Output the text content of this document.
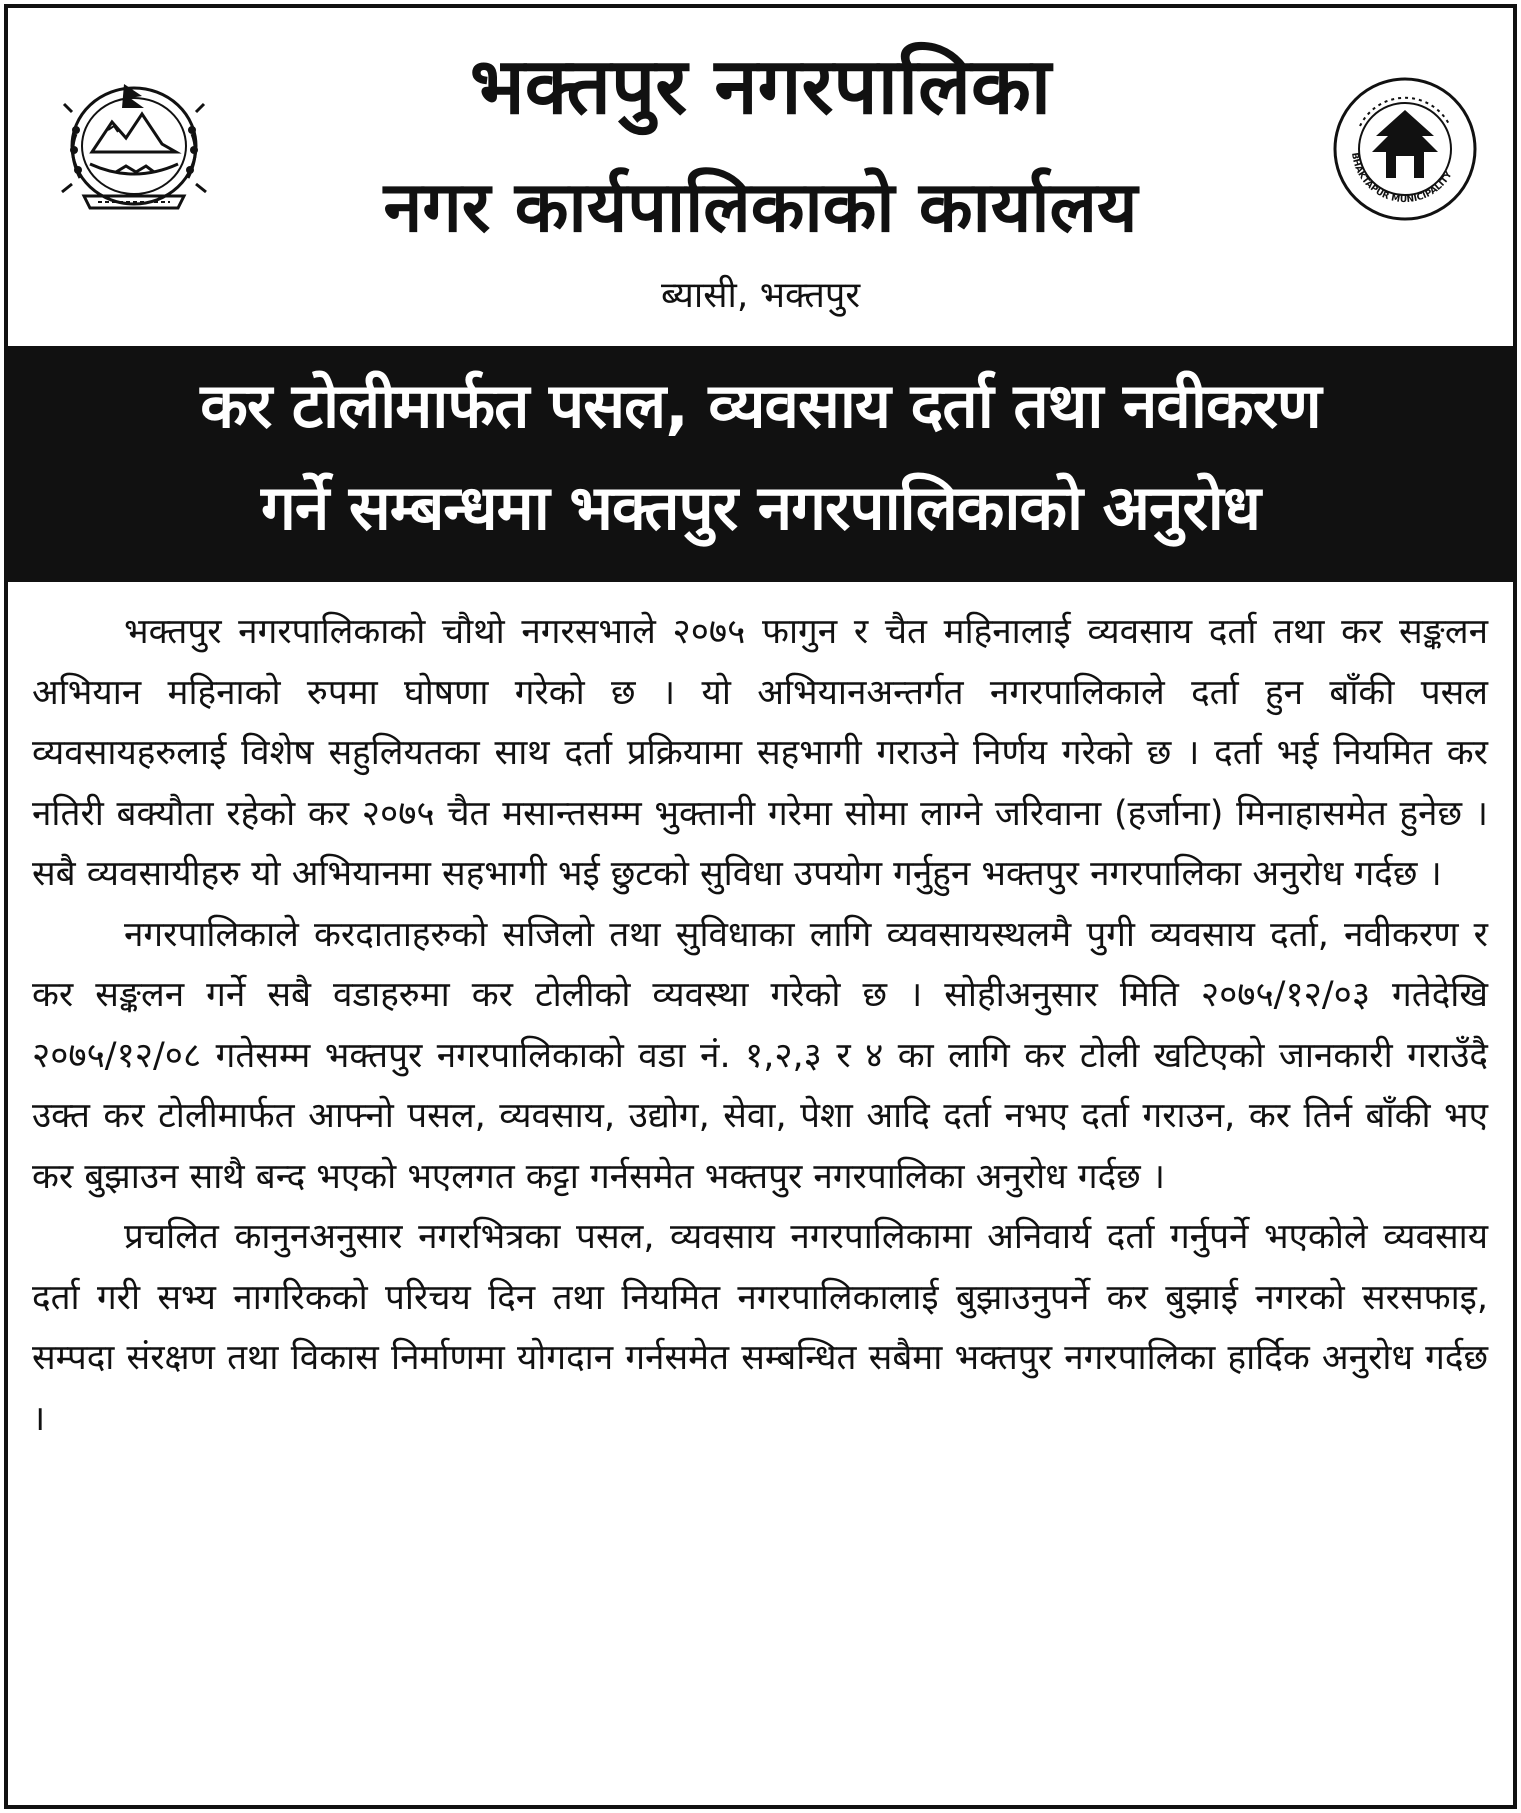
भक्तपुर नगरपालिका
नगर कार्यपालिकाको कार्यालय
ब्यासी, भक्तपुर
BHAKTAPUR MUNICIPALITY
कर टोलीमार्फत पसल, व्यवसाय दर्ता तथा नवीकरण
गर्ने सम्बन्धमा भक्तपुर नगरपालिकाको अनुरोध

भक्तपुर नगरपालिकाको चौथो नगरसभाले २०७५ फागुन र चैत महिनालाई व्यवसाय दर्ता तथा कर सङ्कलन अभियान महिनाको रुपमा घोषणा गरेको छ । यो अभियानअन्तर्गत नगरपालिकाले दर्ता हुन बाँकी पसल व्यवसायहरुलाई विशेष सहुलियतका साथ दर्ता प्रक्रियामा सहभागी गराउने निर्णय गरेको छ । दर्ता भई नियमित कर नतिरी बक्यौता रहेको कर २०७५ चैत मसान्तसम्म भुक्तानी गरेमा सोमा लाग्ने जरिवाना (हर्जाना) मिनाहासमेत हुनेछ । सबै व्यवसायीहरु यो अभियानमा सहभागी भई छुटको सुविधा उपयोग गर्नुहुन भक्तपुर नगरपालिका अनुरोध गर्दछ ।

नगरपालिकाले करदाताहरुको सजिलो तथा सुविधाका लागि व्यवसायस्थलमै पुगी व्यवसाय दर्ता, नवीकरण र कर सङ्कलन गर्ने सबै वडाहरुमा कर टोलीको व्यवस्था गरेको छ । सोहीअनुसार मिति २०७५/१२/०३ गतेदेखि २०७५/१२/०८ गतेसम्म भक्तपुर नगरपालिकाको वडा नं. १,२,३ र ४ का लागि कर टोली खटिएको जानकारी गराउँदै उक्त कर टोलीमार्फत आफ्नो पसल, व्यवसाय, उद्योग, सेवा, पेशा आदि दर्ता नभए दर्ता गराउन, कर तिर्न बाँकी भए कर बुझाउन साथै बन्द भएको भएलगत कट्टा गर्नसमेत भक्तपुर नगरपालिका अनुरोध गर्दछ ।

प्रचलित कानुनअनुसार नगरभित्रका पसल, व्यवसाय नगरपालिकामा अनिवार्य दर्ता गर्नुपर्ने भएकोले व्यवसाय दर्ता गरी सभ्य नागरिकको परिचय दिन तथा नियमित नगरपालिकालाई बुझाउनुपर्ने कर बुझाई नगरको सरसफाइ, सम्पदा संरक्षण तथा विकास निर्माणमा योगदान गर्नसमेत सम्बन्धित सबैमा भक्तपुर नगरपालिका हार्दिक अनुरोध गर्दछ ।
